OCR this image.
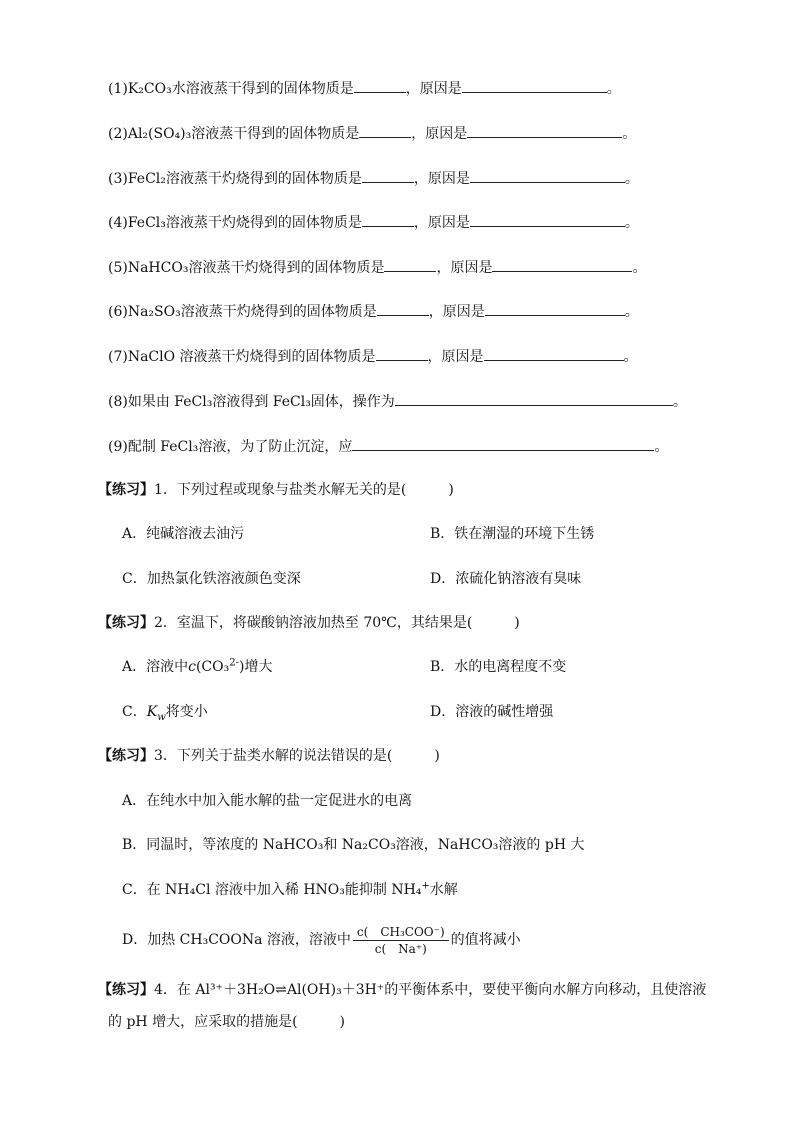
(1)K₂CO₃水溶液蒸干得到的固体物质是	，原因是	。
(2)Al₂(SO₄)₃溶液蒸干得到的固体物质是	，原因是	。
(3)FeCl₂溶液蒸干灼烧得到的固体物质是	，原因是	。
(4)FeCl₃溶液蒸干灼烧得到的固体物质是	，原因是	。
(5)NaHCO₃溶液蒸干灼烧得到的固体物质是	，原因是	。
(6)Na₂SO₃溶液蒸干灼烧得到的固体物质是	，原因是	。
(7)NaClO 溶液蒸干灼烧得到的固体物质是	，原因是	。
(8)如果由 FeCl₃溶液得到 FeCl₃固体，操作为	。
(9)配制 FeCl₃溶液，为了防止沉淀，应	。
【练习】1．下列过程或现象与盐类水解无关的是(　　　)
A．纯碱溶液去油污	B．铁在潮湿的环境下生锈
C．加热氯化铁溶液颜色变深	D．浓硫化钠溶液有臭味
【练习】2．室温下，将碳酸钠溶液加热至 70℃，其结果是(　　　)
A．溶液中c(CO₃$^{2-}$)增大	B．水的电离程度不变
C．$K_w$将变小	D．溶液的碱性增强
【练习】3．下列关于盐类水解的说法错误的是(　　　)
A．在纯水中加入能水解的盐一定促进水的电离
B．同温时，等浓度的 NaHCO₃和 Na₂CO₃溶液，NaHCO₃溶液的 pH 大
C．在 NH₄Cl 溶液中加入稀 HNO₃能抑制 NH₄+水解
D．加热 CH₃COONa 溶液，溶液中 $\frac{\text{c(　CH₃COO⁻)}}{c( Na^+)}$ 的值将减小
【练习】4．在 Al³⁺＋3H₂O⇌Al(OH)₃＋3H⁺的平衡体系中，要使平衡向水解方向移动，且使溶液
的 pH 增大，应采取的措施是(　　　)
